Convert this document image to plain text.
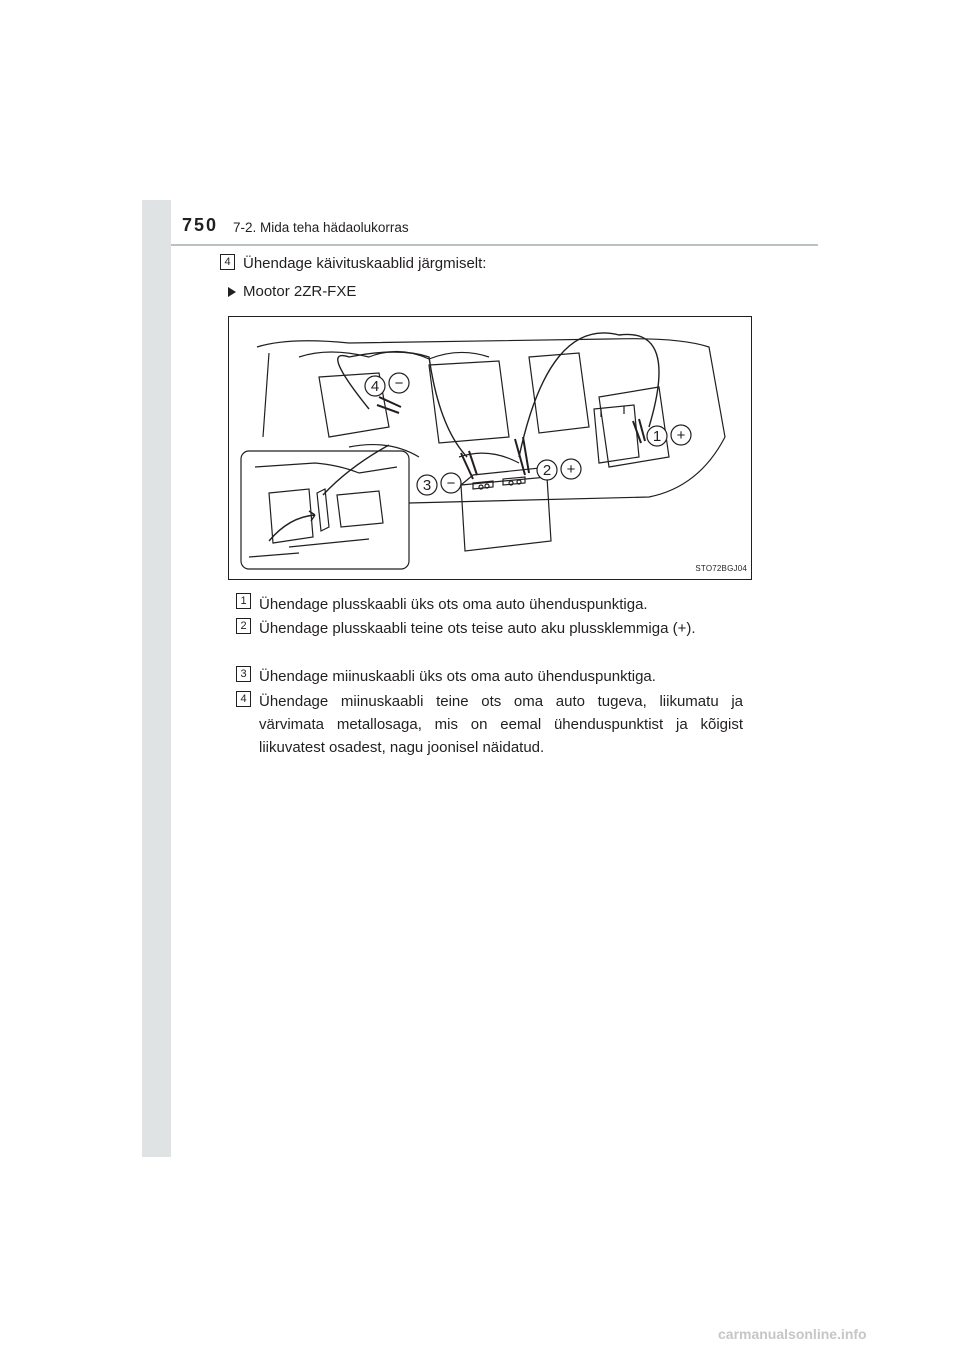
750 7-2. Mida teha hädaolukorras
4 Ühendage käivituskaablid järgmiselt:
Mootor 2ZR-FXE
4 −
1 +
2 +
3 −
STO72BGJ04
1 Ühendage plusskaabli üks ots oma auto ühenduspunktiga.
2 Ühendage plusskaabli teine ots teise auto aku plussklemmiga (+).
3 Ühendage miinuskaabli üks ots oma auto ühenduspunktiga.
4 Ühendage miinuskaabli teine ots oma auto tugeva, liikumatu ja värvimata metallosaga, mis on eemal ühenduspunktist ja kõigist liikuvatest osadest, nagu joonisel näidatud.
carmanualsonline.info
